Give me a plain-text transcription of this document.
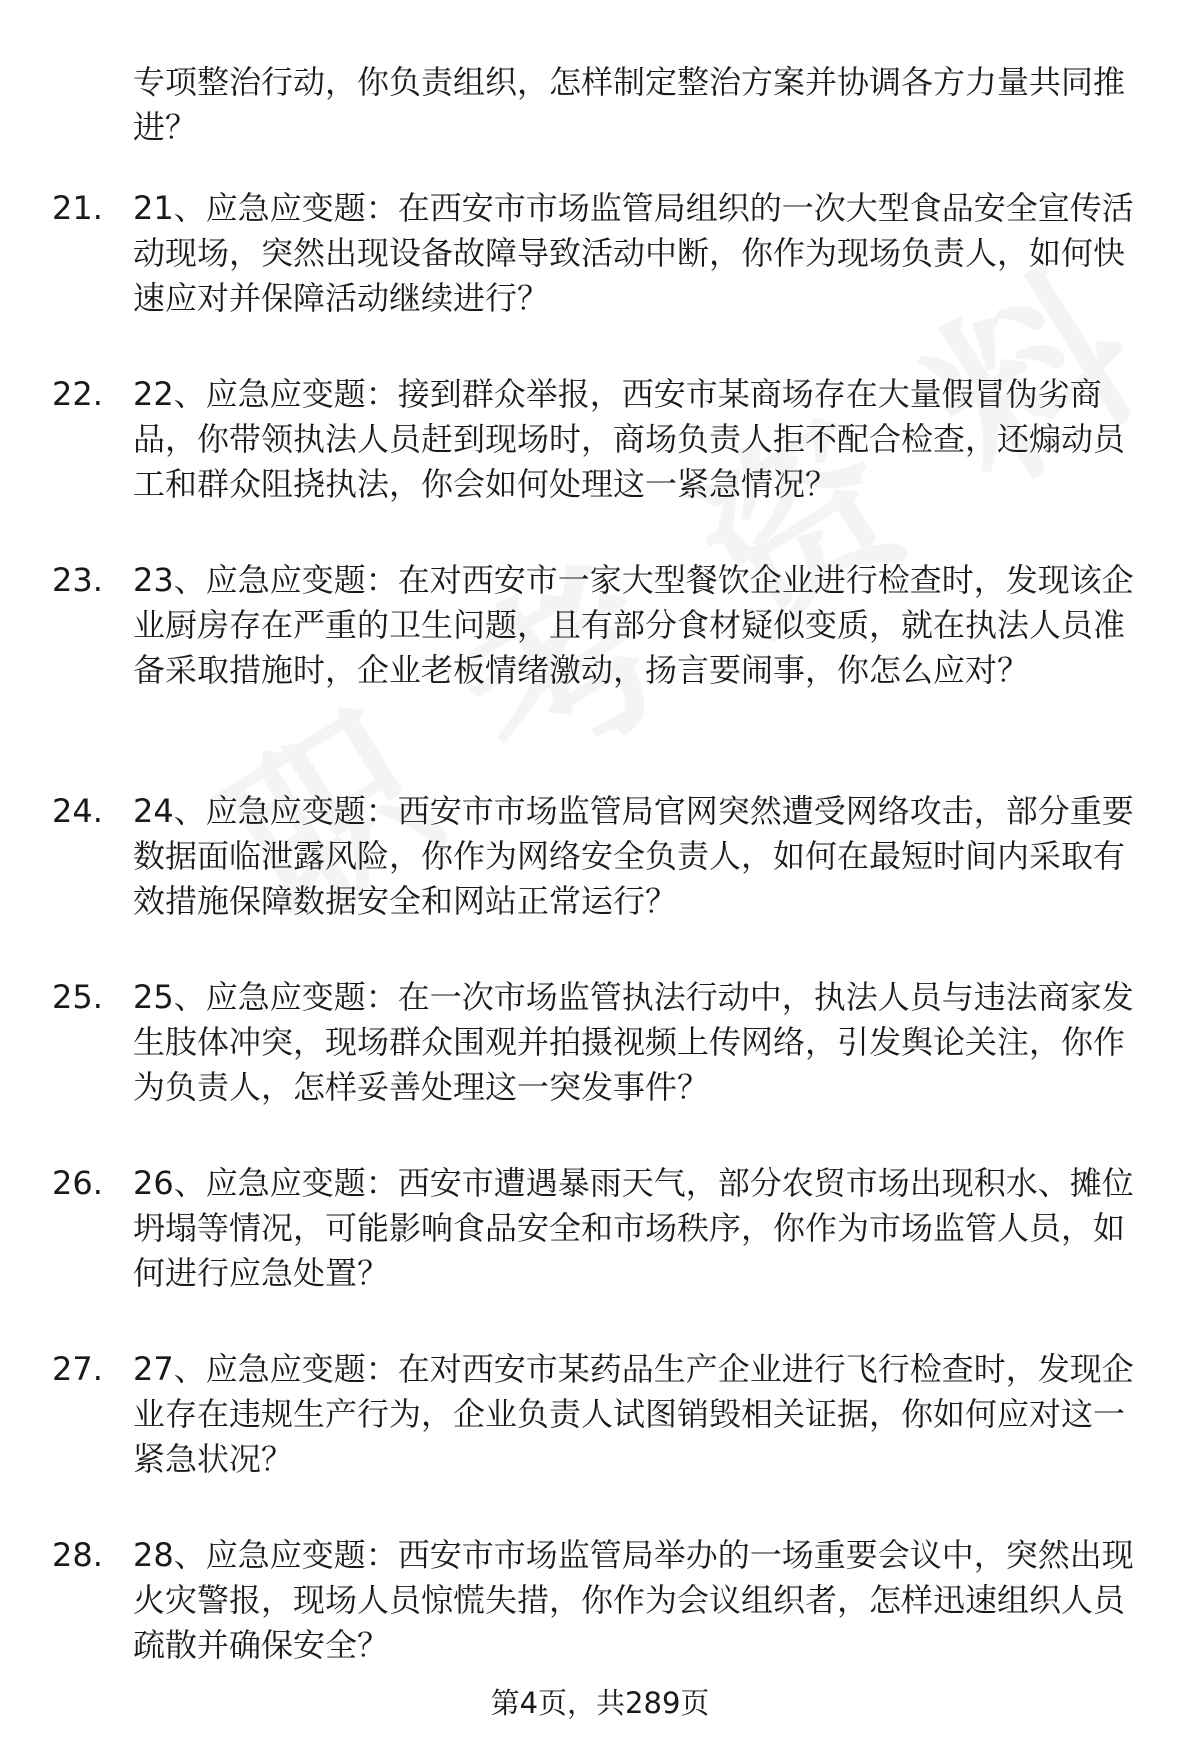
专项整治行动，你负责组织，怎样制定整治方案并协调各方力量共同推进？

21. 21、应急应变题：在西安市市场监管局组织的一次大型食品安全宣传活动现场，突然出现设备故障导致活动中断，你作为现场负责人，如何快速应对并保障活动继续进行？

22. 22、应急应变题：接到群众举报，西安市某商场存在大量假冒伪劣商品，你带领执法人员赶到现场时，商场负责人拒不配合检查，还煽动员工和群众阻挠执法，你会如何处理这一紧急情况？

23. 23、应急应变题：在对西安市一家大型餐饮企业进行检查时，发现该企业厨房存在严重的卫生问题，且有部分食材疑似变质，就在执法人员准备采取措施时，企业老板情绪激动，扬言要闹事，你怎么应对？

24. 24、应急应变题：西安市市场监管局官网突然遭受网络攻击，部分重要数据面临泄露风险，你作为网络安全负责人，如何在最短时间内采取有效措施保障数据安全和网站正常运行？

25. 25、应急应变题：在一次市场监管执法行动中，执法人员与违法商家发生肢体冲突，现场群众围观并拍摄视频上传网络，引发舆论关注，你作为负责人，怎样妥善处理这一突发事件？

26. 26、应急应变题：西安市遭遇暴雨天气，部分农贸市场出现积水、摊位坍塌等情况，可能影响食品安全和市场秩序，你作为市场监管人员，如何进行应急处置？

27. 27、应急应变题：在对西安市某药品生产企业进行飞行检查时，发现企业存在违规生产行为，企业负责人试图销毁相关证据，你如何应对这一紧急状况？

28. 28、应急应变题：西安市市场监管局举办的一场重要会议中，突然出现火灾警报，现场人员惊慌失措，你作为会议组织者，怎样迅速组织人员疏散并确保安全？

第4页，共289页
